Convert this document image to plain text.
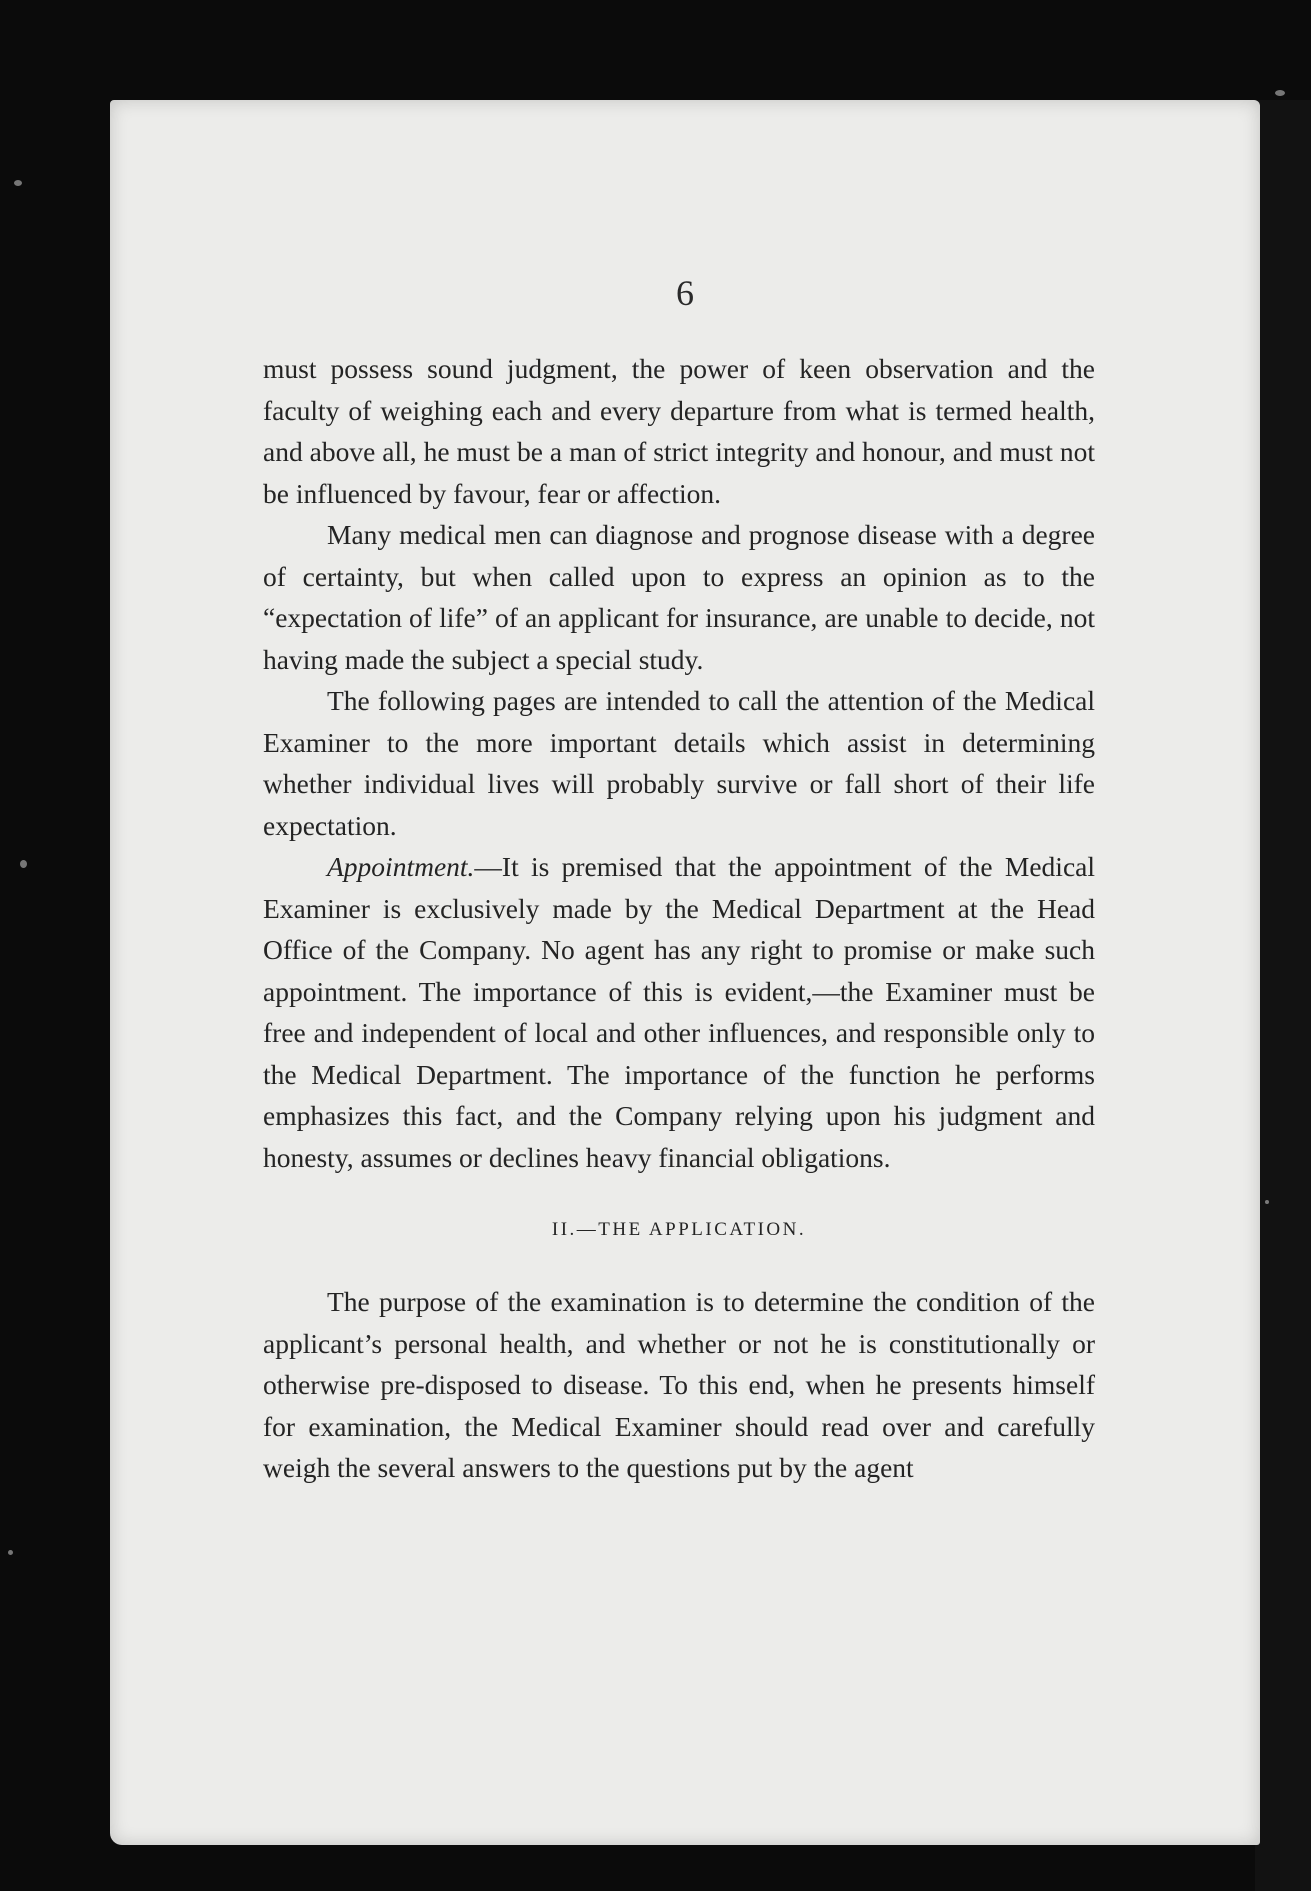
6

must possess sound judgment, the power of keen observation and the faculty of weighing each and every departure from what is termed health, and above all, he must be a man of strict integrity and honour, and must not be influenced by favour, fear or affection.

Many medical men can diagnose and prognose disease with a degree of certainty, but when called upon to express an opinion as to the “expectation of life” of an applicant for insurance, are unable to decide, not having made the subject a special study.

The following pages are intended to call the attention of the Medical Examiner to the more important details which assist in determining whether individual lives will probably survive or fall short of their life expectation.

Appointment.—It is premised that the appointment of the Medical Examiner is exclusively made by the Medical Department at the Head Office of the Company. No agent has any right to promise or make such appointment. The importance of this is evident,—the Examiner must be free and independent of local and other influences, and responsible only to the Medical Department. The importance of the function he performs emphasizes this fact, and the Company relying upon his judgment and honesty, assumes or declines heavy financial obligations.

II.—THE APPLICATION.

The purpose of the examination is to determine the condition of the applicant’s personal health, and whether or not he is constitutionally or otherwise pre-disposed to disease. To this end, when he presents himself for examination, the Medical Examiner should read over and carefully weigh the several answers to the questions put by the agent
